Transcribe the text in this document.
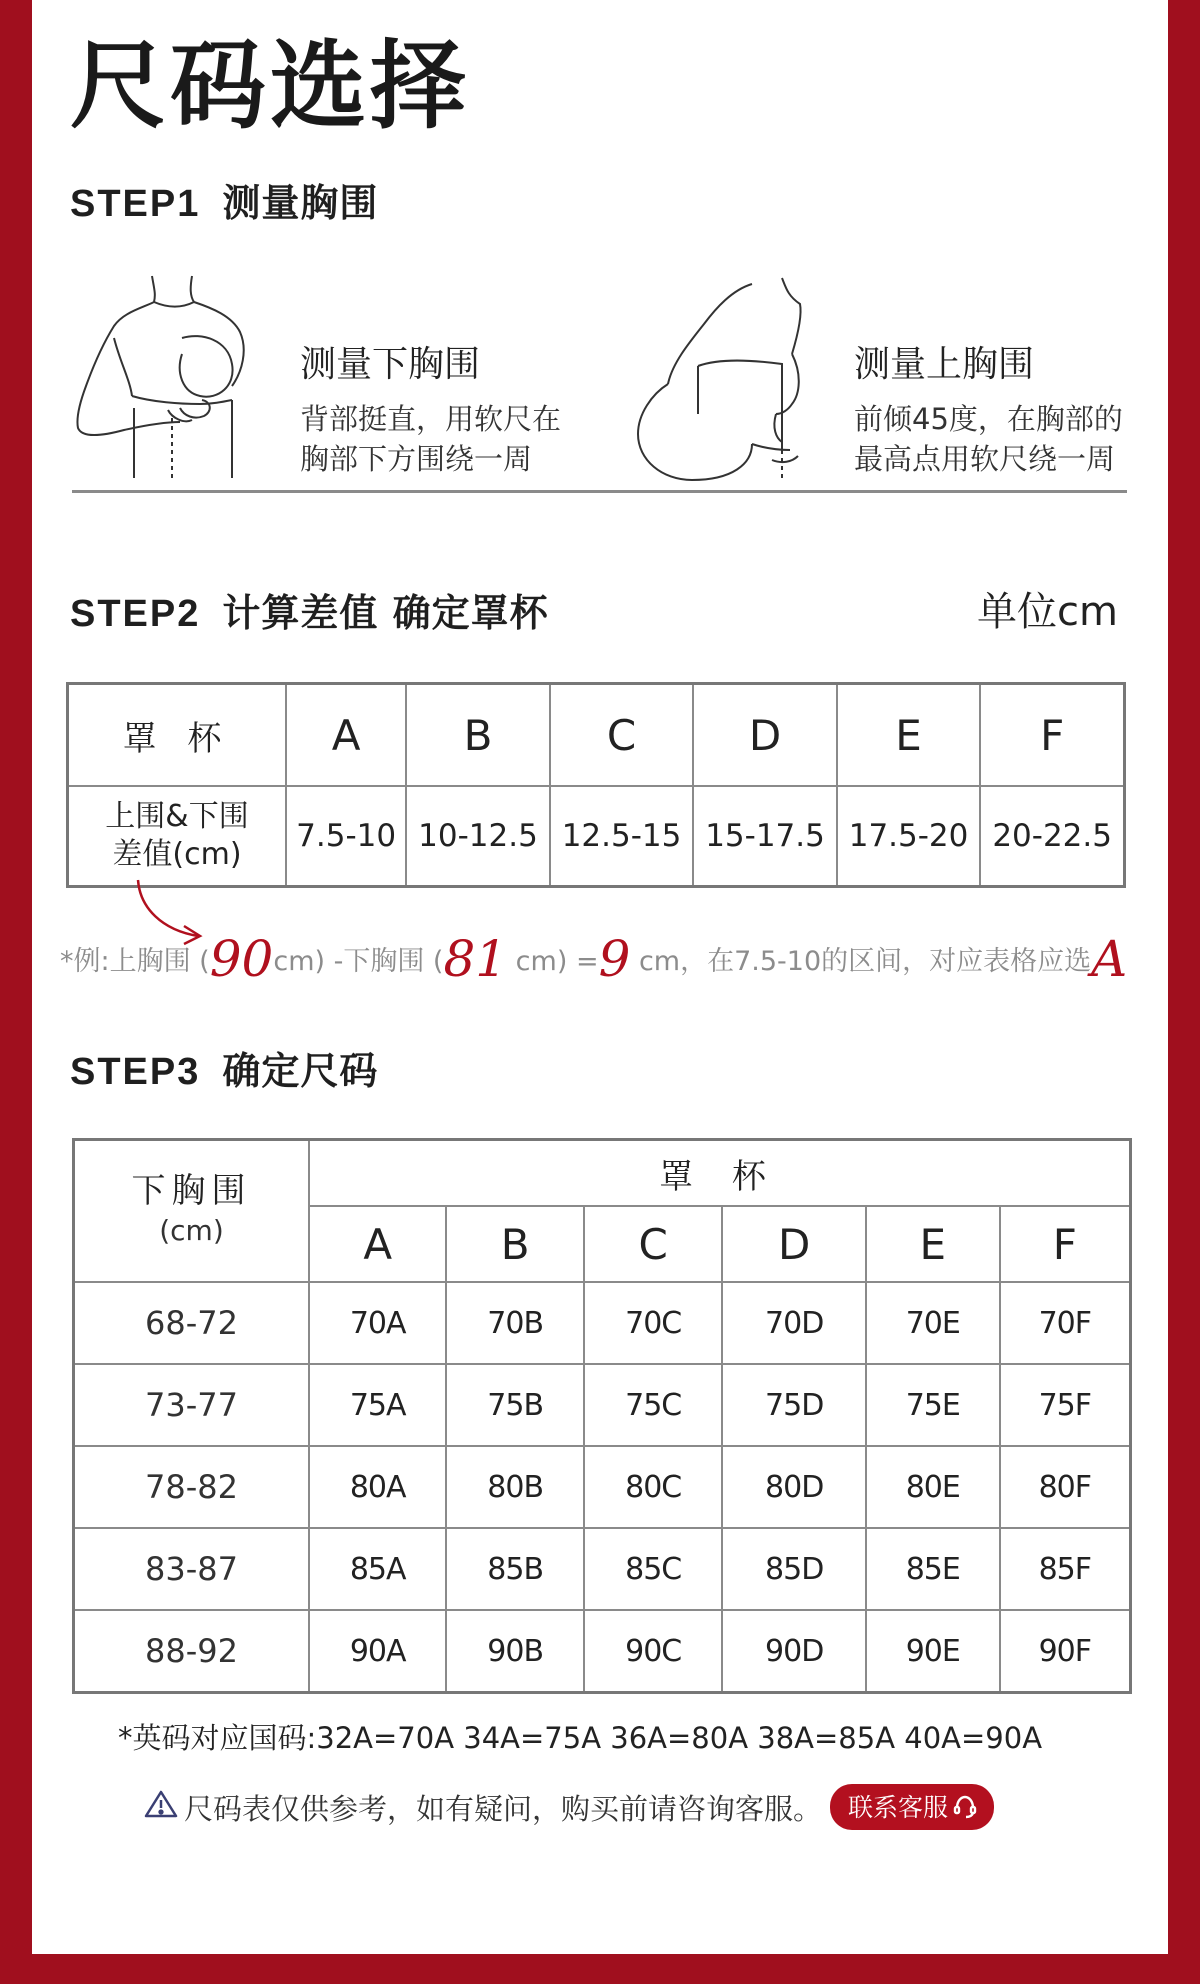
尺码选择
STEP1 测量胸围
测量下胸围
背部挺直，用软尺在
胸部下方围绕一周
测量上胸围
前倾45度，在胸部的
最高点用软尺绕一周
STEP2 计算差值 确定罩杯	单位cm
罩 杯	A	B	C	D	E	F

上围&下围
差值(cm)	7.5-10	10-12.5	12.5-15	15-17.5	17.5-20	20-22.5
*例:上胸围 (90cm) -下胸围 (81 cm) =9 cm，在7.5-10的区间，对应表格应选A
STEP3 确定尺码
下胸围
(cm)	罩 杯					
	A	B	C	D	E	F
68-72	70A	70B	70C	70D	70E	70F
73-77	75A	75B	75C	75D	75E	75F
78-82	80A	80B	80C	80D	80E	80F
83-87	85A	85B	85C	85D	85E	85F
88-92	90A	90B	90C	90D	90E	90F
*英码对应国码:32A=70A 34A=75A 36A=80A 38A=85A 40A=90A
尺码表仅供参考，如有疑问，购买前请咨询客服。 联系客服
